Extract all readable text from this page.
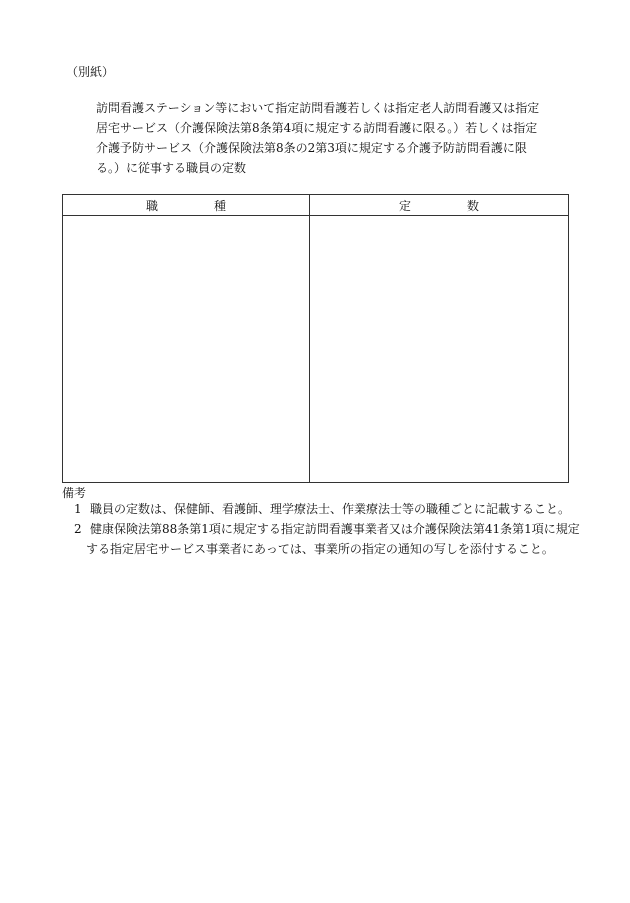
（別紙）
訪問看護ステーション等において指定訪問看護若しくは指定老人訪問看護又は指定
居宅サービス（介護保険法第8条第4項に規定する訪問看護に限る。）若しくは指定
介護予防サービス（介護保険法第8条の2第3項に規定する介護予防訪問看護に限
る。）に従事する職員の定数
職種	定数

備考
1 職員の定数は、保健師、看護師、理学療法士、作業療法士等の職種ごとに記載すること。
2 健康保険法第88条第1項に規定する指定訪問看護事業者又は介護保険法第41条第1項に規定
する指定居宅サービス事業者にあっては、事業所の指定の通知の写しを添付すること。
